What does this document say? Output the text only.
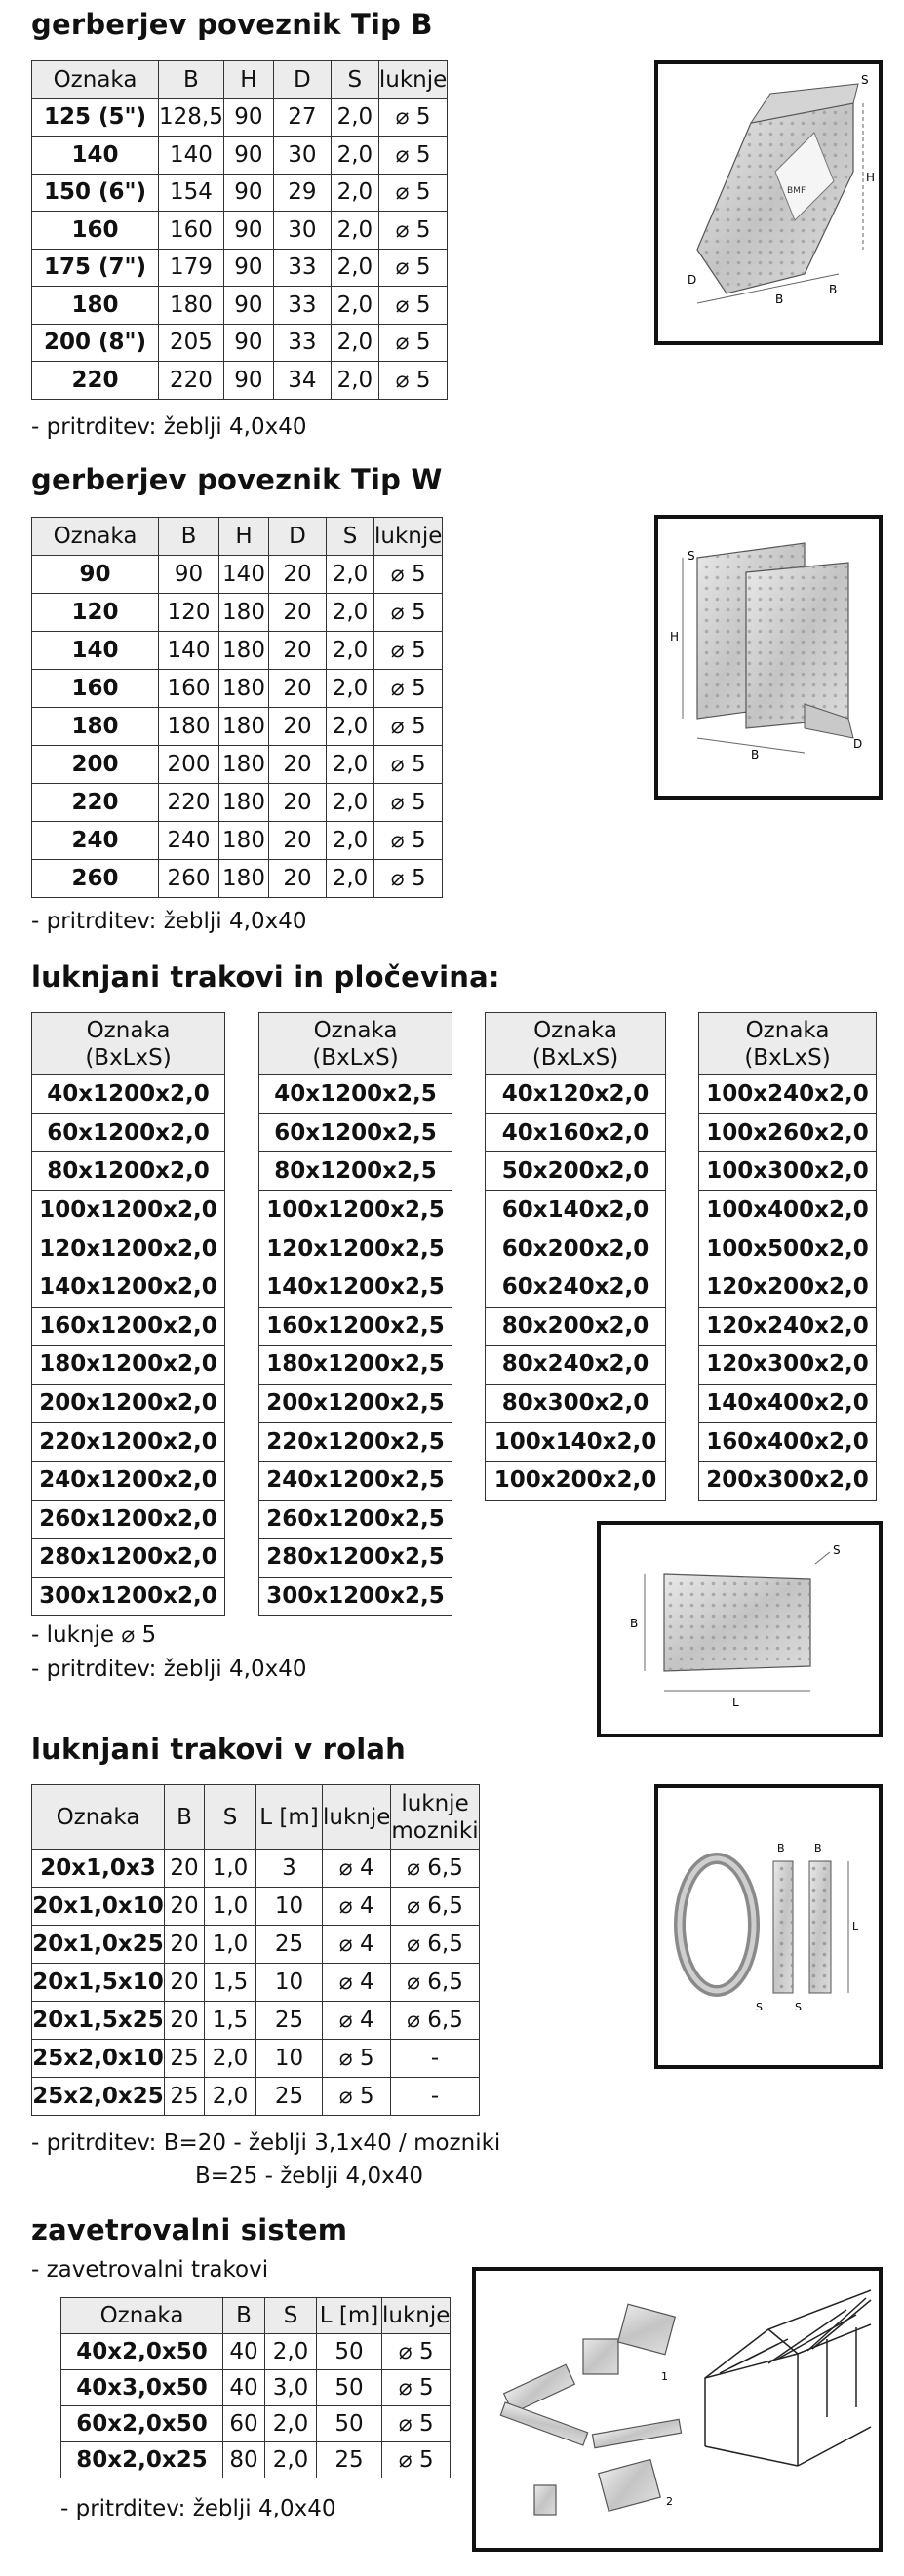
gerberjev poveznik Tip B
Oznaka	B	H	D	S	luknje
125 (5")	128,5	90	27	2,0	⌀ 5
140	140	90	30	2,0	⌀ 5
150 (6")	154	90	29	2,0	⌀ 5
160	160	90	30	2,0	⌀ 5
175 (7")	179	90	33	2,0	⌀ 5
180	180	90	33	2,0	⌀ 5
200 (8")	205	90	33	2,0	⌀ 5
220	220	90	34	2,0	⌀ 5
- pritrditev: žeblji 4,0x40
S
H
D
B
B
BMF
gerberjev poveznik Tip W
Oznaka	B	H	D	S	luknje
90	90	140	20	2,0	⌀ 5
120	120	180	20	2,0	⌀ 5
140	140	180	20	2,0	⌀ 5
160	160	180	20	2,0	⌀ 5
180	180	180	20	2,0	⌀ 5
200	200	180	20	2,0	⌀ 5
220	220	180	20	2,0	⌀ 5
240	240	180	20	2,0	⌀ 5
260	260	180	20	2,0	⌀ 5
- pritrditev: žeblji 4,0x40
S
H
B
D
luknjani trakovi in pločevina:
Oznaka
(BxLxS)

40x1200x2,0
60x1200x2,0
80x1200x2,0
100x1200x2,0
120x1200x2,0
140x1200x2,0
160x1200x2,0
180x1200x2,0
200x1200x2,0
220x1200x2,0
240x1200x2,0
260x1200x2,0
280x1200x2,0
300x1200x2,0
Oznaka
(BxLxS)

40x1200x2,5
60x1200x2,5
80x1200x2,5
100x1200x2,5
120x1200x2,5
140x1200x2,5
160x1200x2,5
180x1200x2,5
200x1200x2,5
220x1200x2,5
240x1200x2,5
260x1200x2,5
280x1200x2,5
300x1200x2,5
Oznaka
(BxLxS)

40x120x2,0
40x160x2,0
50x200x2,0
60x140x2,0
60x200x2,0
60x240x2,0
80x200x2,0
80x240x2,0
80x300x2,0
100x140x2,0
100x200x2,0
Oznaka
(BxLxS)

100x240x2,0
100x260x2,0
100x300x2,0
100x400x2,0
100x500x2,0
120x200x2,0
120x240x2,0
120x300x2,0
140x400x2,0
160x400x2,0
200x300x2,0
- luknje ⌀ 5
- pritrditev: žeblji 4,0x40
B
L
S
luknjani trakovi v rolah
Oznaka	B	S	L [m]	luknje	luknje
mozniki

20x1,0x3	20	1,0	3	⌀ 4	⌀ 6,5
20x1,0x10	20	1,0	10	⌀ 4	⌀ 6,5
20x1,0x25	20	1,0	25	⌀ 4	⌀ 6,5
20x1,5x10	20	1,5	10	⌀ 4	⌀ 6,5
20x1,5x25	20	1,5	25	⌀ 4	⌀ 6,5
25x2,0x10	25	2,0	10	⌀ 5	-
25x2,0x25	25	2,0	25	⌀ 5	-
- pritrditev: B=20 - žeblji 3,1x40 / mozniki
B=25 - žeblji 4,0x40
B	B
L
S	S
zavetrovalni sistem
- zavetrovalni trakovi
Oznaka	B	S	L [m]	luknje
40x2,0x50	40	2,0	50	⌀ 5
40x3,0x50	40	3,0	50	⌀ 5
60x2,0x50	60	2,0	50	⌀ 5
80x2,0x25	80	2,0	25	⌀ 5
- pritrditev: žeblji 4,0x40
1
2
